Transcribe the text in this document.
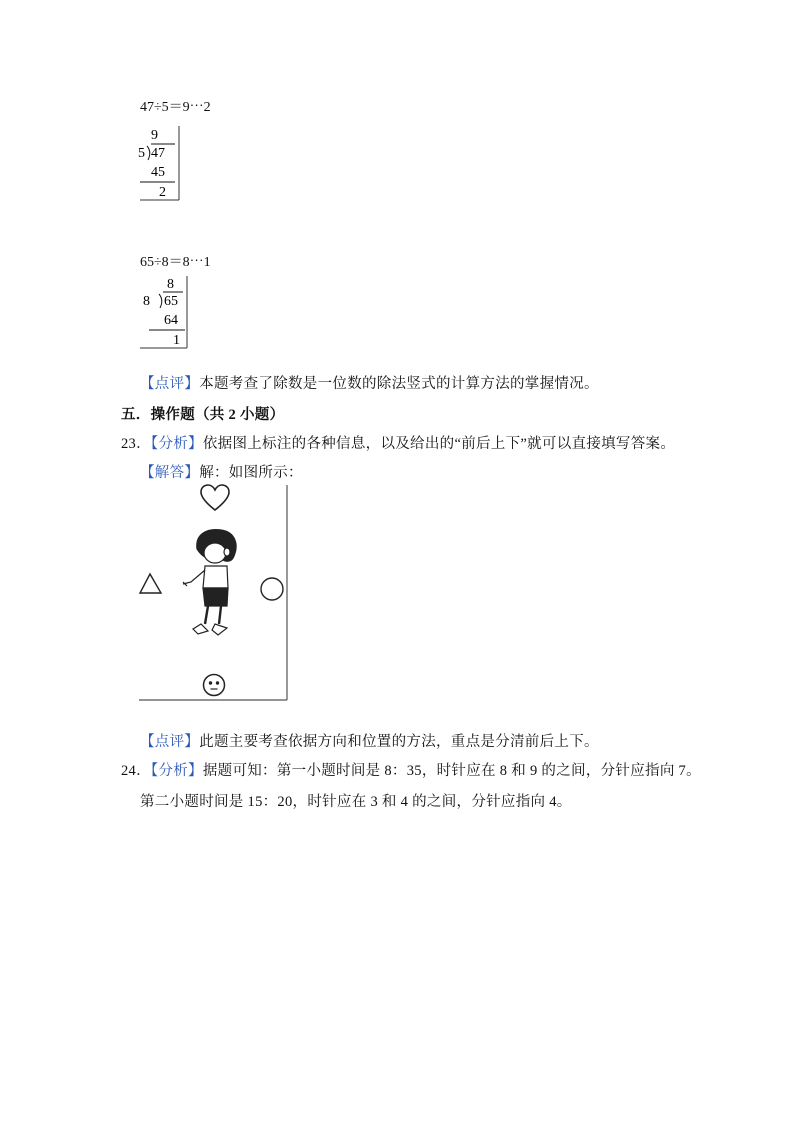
47÷5＝9⋯2
9
5 47
45
2
65÷8＝8⋯1
8
8 65
64
1
【点评】本题考查了除数是一位数的除法竖式的计算方法的掌握情况。
五．操作题（共 2 小题）
23．【分析】依据图上标注的各种信息，以及给出的“前后上下”就可以直接填写答案。
【解答】解：如图所示：
【点评】此题主要考查依据方向和位置的方法，重点是分清前后上下。
24．【分析】据题可知：第一小题时间是 8：35，时针应在 8 和 9 的之间，分针应指向 7。
第二小题时间是 15：20，时针应在 3 和 4 的之间，分针应指向 4。
